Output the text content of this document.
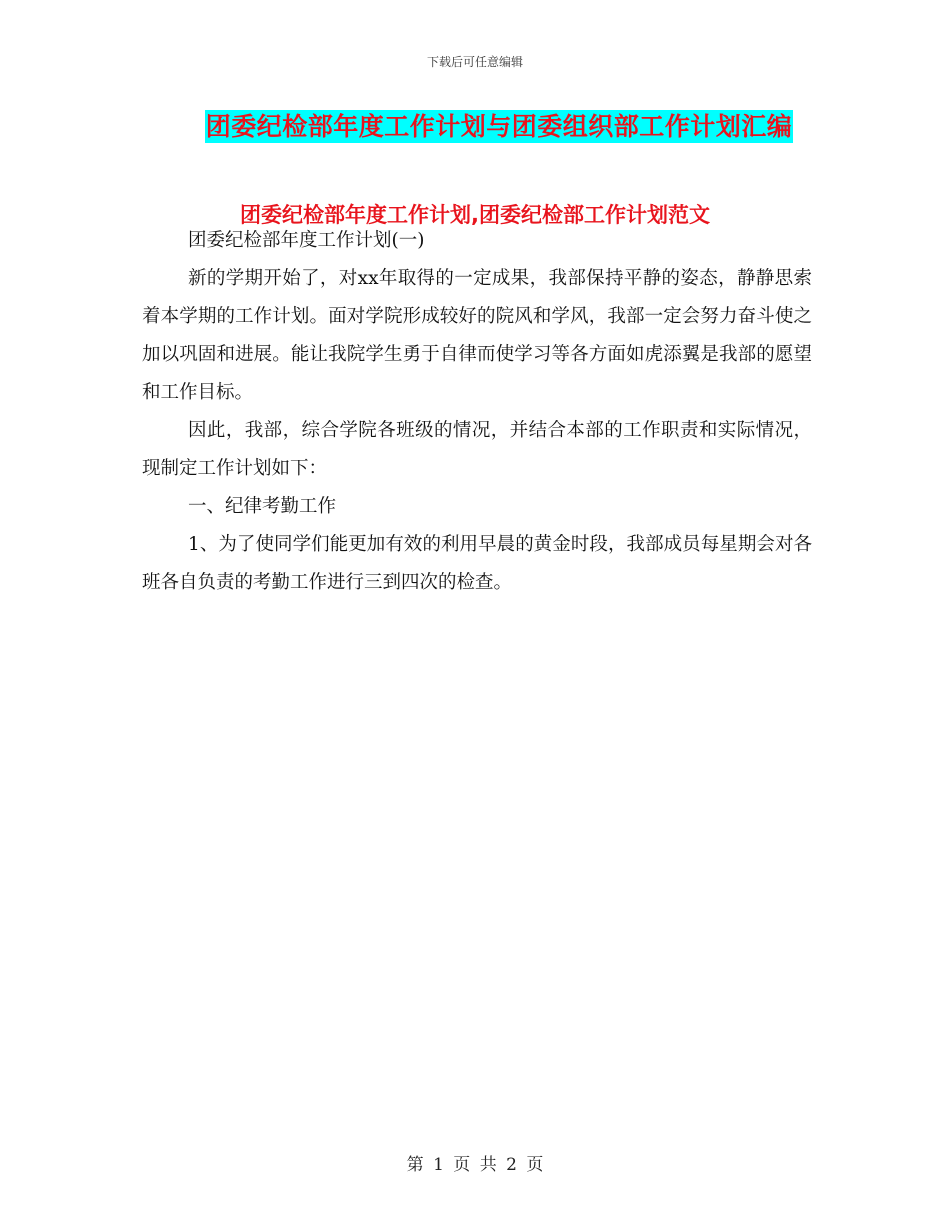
下载后可任意编辑
团委纪检部年度工作计划与团委组织部工作计划汇编
团委纪检部年度工作计划,团委纪检部工作计划范文

团委纪检部年度工作计划(一)

新的学期开始了，对xx年取得的一定成果，我部保持平静的姿态，静静思索着本学期的工作计划。面对学院形成较好的院风和学风，我部一定会努力奋斗使之加以巩固和进展。能让我院学生勇于自律而使学习等各方面如虎添翼是我部的愿望和工作目标。

因此，我部，综合学院各班级的情况，并结合本部的工作职责和实际情况，现制定工作计划如下：

一、纪律考勤工作

1、为了使同学们能更加有效的利用早晨的黄金时段，我部成员每星期会对各班各自负责的考勤工作进行三到四次的检查。

第 1 页 共 2 页
